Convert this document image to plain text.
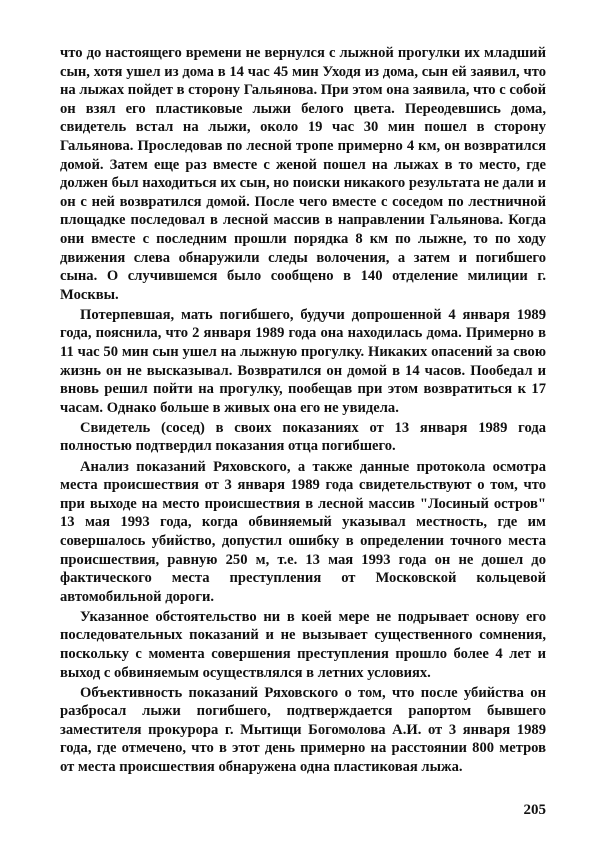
что до настоящего времени не вернулся с лыжной прогулки их младший сын, хотя ушел из дома в 14 час 45 мин Уходя из дома, сын ей заявил, что на лыжах пойдет в сторону Гальянова. При этом она заявила, что с собой он взял его пластиковые лыжи белого цвета. Переодевшись дома, свидетель встал на лыжи, около 19 час 30 мин пошел в сторону Гальянова. Проследовав по лесной тропе примерно 4 км, он возвратился домой. Затем еще раз вместе с женой пошел на лыжах в то место, где должен был находиться их сын, но поиски никакого результата не дали и он с ней возвратился домой. После чего вместе с соседом по лестничной площадке последовал в лесной массив в направлении Гальянова. Когда они вместе с последним прошли порядка 8 км по лыжне, то по ходу движения слева обнаружили следы волочения, а затем и погибшего сына. О случившемся было сообщено в 140 отделение милиции г. Москвы.

Потерпевшая, мать погибшего, будучи допрошенной 4 января 1989 года, пояснила, что 2 января 1989 года она находилась дома. Примерно в 11 час 50 мин сын ушел на лыжную прогулку. Никаких опасений за свою жизнь он не высказывал. Возвратился он домой в 14 часов. Пообедал и вновь решил пойти на прогулку, пообещав при этом возвратиться к 17 часам. Однако больше в живых она его не увидела.

Свидетель (сосед) в своих показаниях от 13 января 1989 года полностью подтвердил показания отца погибшего.

Анализ показаний Ряховского, а также данные протокола осмотра места происшествия от 3 января 1989 года свидетельствуют о том, что при выходе на место происшествия в лесной массив "Лосиный остров" 13 мая 1993 года, когда обвиняемый указывал местность, где им совершалось убийство, допустил ошибку в определении точного места происшествия, равную 250 м, т.е. 13 мая 1993 года он не дошел до фактического места преступления от Московской кольцевой автомобильной дороги.

Указанное обстоятельство ни в коей мере не подрывает основу его последовательных показаний и не вызывает существенного сомнения, поскольку с момента совершения преступления прошло более 4 лет и выход с обвиняемым осуществлялся в летних условиях.

Объективность показаний Ряховского о том, что после убийства он разбросал лыжи погибшего, подтверждается рапортом бывшего заместителя прокурора г. Мытищи Богомолова А.И. от 3 января 1989 года, где отмечено, что в этот день примерно на расстоянии 800 метров от места происшествия обнаружена одна пластиковая лыжа.

205
